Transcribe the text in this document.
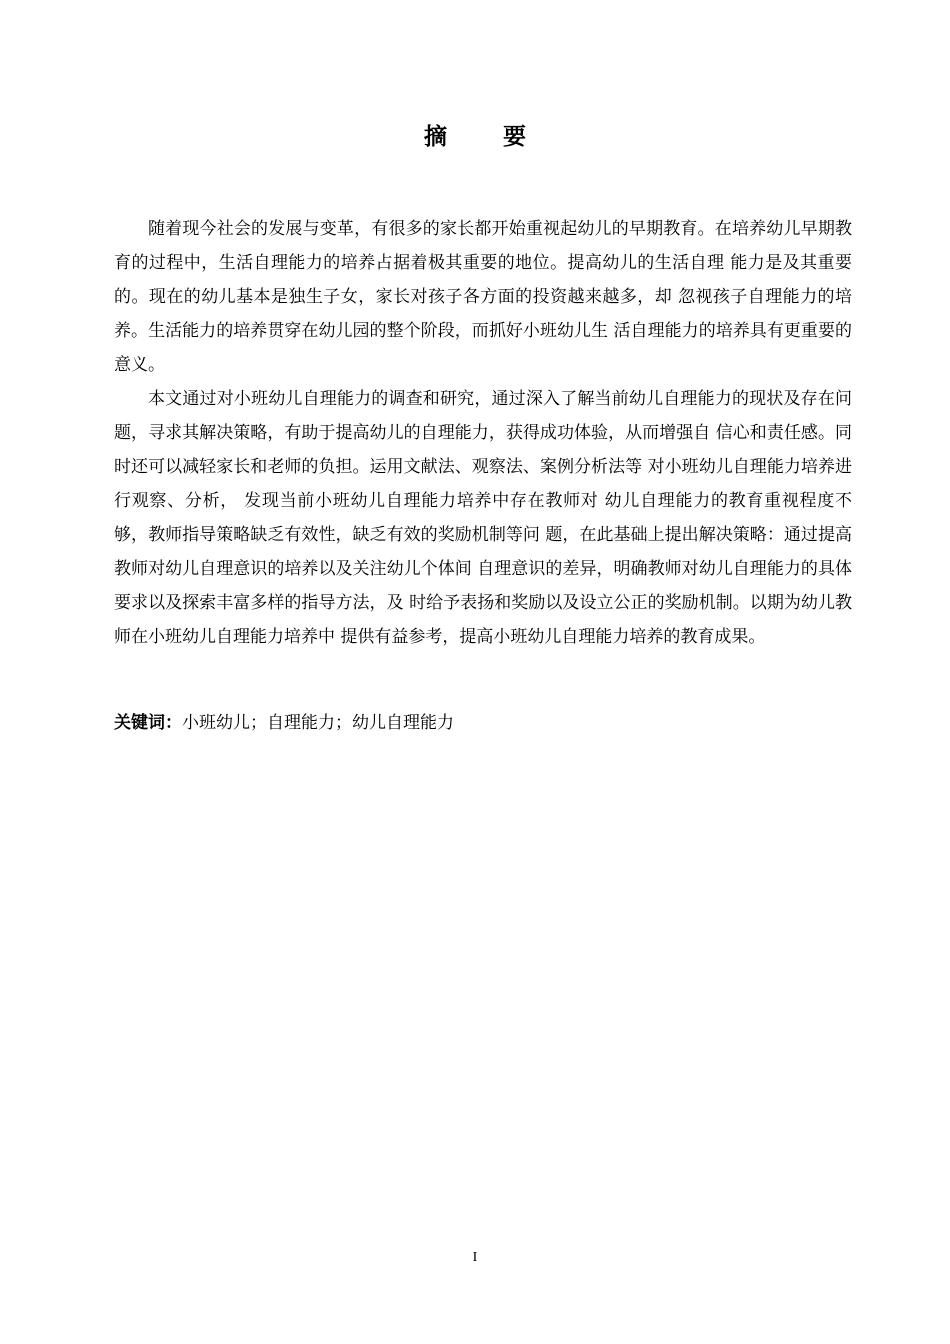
摘 要

随着现今社会的发展与变革，有很多的家长都开始重视起幼儿的早期教育。在培养幼儿早期教育的过程中，生活自理能力的培养占据着极其重要的地位。提高幼儿的生活自理 能力是及其重要的。现在的幼儿基本是独生子女，家长对孩子各方面的投资越来越多，却 忽视孩子自理能力的培养。生活能力的培养贯穿在幼儿园的整个阶段，而抓好小班幼儿生 活自理能力的培养具有更重要的意义。

本文通过对小班幼儿自理能力的调查和研究，通过深入了解当前幼儿自理能力的现状及存在问题，寻求其解决策略，有助于提高幼儿的自理能力，获得成功体验，从而增强自 信心和责任感。同时还可以减轻家长和老师的负担。运用文献法、观察法、案例分析法等 对小班幼儿自理能力培养进行观察、分析， 发现当前小班幼儿自理能力培养中存在教师对 幼儿自理能力的教育重视程度不够，教师指导策略缺乏有效性，缺乏有效的奖励机制等问 题，在此基础上提出解决策略：通过提高教师对幼儿自理意识的培养以及关注幼儿个体间 自理意识的差异，明确教师对幼儿自理能力的具体要求以及探索丰富多样的指导方法，及 时给予表扬和奖励以及设立公正的奖励机制。以期为幼儿教师在小班幼儿自理能力培养中 提供有益参考，提高小班幼儿自理能力培养的教育成果。

关键词：小班幼儿；自理能力；幼儿自理能力
I
